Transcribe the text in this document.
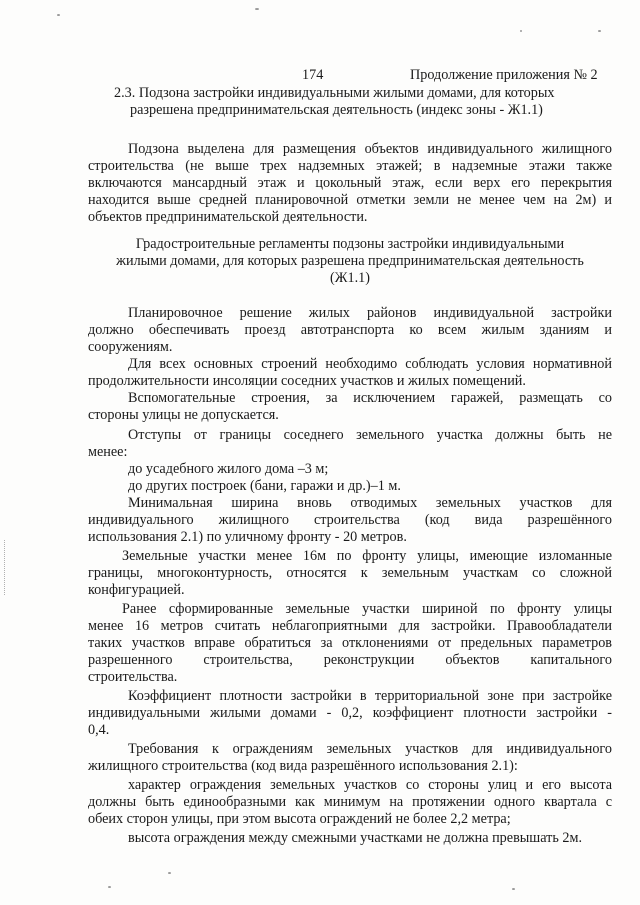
174	Продолжение приложения № 2
2.3. Подзона застройки индивидуальными жилыми домами, для которых
разрешена предпринимательская деятельность (индекс зоны - Ж1.1)
Подзона выделена для размещения объектов индивидуального жилищного
строительства (не выше трех надземных этажей; в надземные этажи также
включаются мансардный этаж и цокольный этаж, если верх его перекрытия
находится выше средней планировочной отметки земли не менее чем на 2м) и
объектов предпринимательской деятельности.
Градостроительные регламенты подзоны застройки индивидуальными
жилыми домами, для которых разрешена предпринимательская деятельность
(Ж1.1)
Планировочное решение жилых районов индивидуальной застройки
должно обеспечивать проезд автотранспорта ко всем жилым зданиям и
сооружениям.
Для всех основных строений необходимо соблюдать условия нормативной
продолжительности инсоляции соседних участков и жилых помещений.
Вспомогательные строения, за исключением гаражей, размещать со
стороны улицы не допускается.
Отступы от границы соседнего земельного участка должны быть не
менее:
до усадебного жилого дома –3 м;
до других построек (бани, гаражи и др.)–1 м.
Минимальная ширина вновь отводимых земельных участков для
индивидуального жилищного строительства (код вида разрешённого
использования 2.1) по уличному фронту - 20 метров.
Земельные участки менее 16м по фронту улицы, имеющие изломанные
границы, многоконтурность, относятся к земельным участкам со сложной
конфигурацией.
Ранее сформированные земельные участки шириной по фронту улицы
менее 16 метров считать неблагоприятными для застройки. Правообладатели
таких участков вправе обратиться за отклонениями от предельных параметров
разрешенного строительства, реконструкции объектов капитального
строительства.
Коэффициент плотности застройки в территориальной зоне при застройке
индивидуальными жилыми домами - 0,2, коэффициент плотности застройки -
0,4.
Требования к ограждениям земельных участков для индивидуального
жилищного строительства (код вида разрешённого использования 2.1):
характер ограждения земельных участков со стороны улиц и его высота
должны быть единообразными как минимум на протяжении одного квартала с
обеих сторон улицы, при этом высота ограждений не более 2,2 метра;
высота ограждения между смежными участками не должна превышать 2м.
